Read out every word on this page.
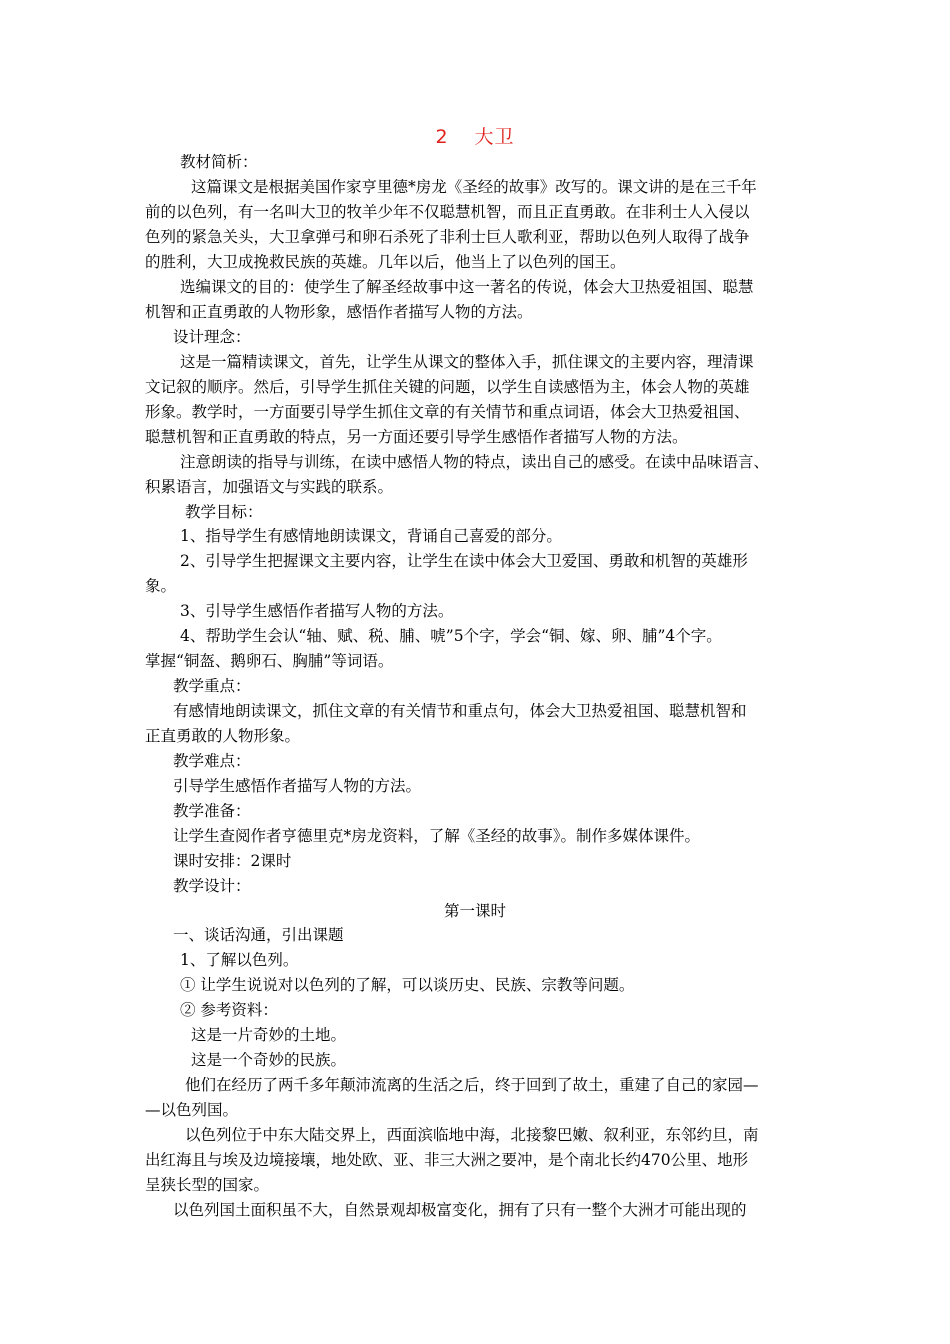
2 大卫
教材简析：
这篇课文是根据美国作家亨里德*房龙《圣经的故事》改写的。课文讲的是在三千年
前的以色列，有一名叫大卫的牧羊少年不仅聪慧机智，而且正直勇敢。在非利士人入侵以
色列的紧急关头，大卫拿弹弓和卵石杀死了非利士巨人歌利亚，帮助以色列人取得了战争
的胜利，大卫成挽救民族的英雄。几年以后，他当上了以色列的国王。
选编课文的目的：使学生了解圣经故事中这一著名的传说，体会大卫热爱祖国、聪慧
机智和正直勇敢的人物形象，感悟作者描写人物的方法。
设计理念：
这是一篇精读课文，首先，让学生从课文的整体入手，抓住课文的主要内容，理清课
文记叙的顺序。然后，引导学生抓住关键的问题，以学生自读感悟为主，体会人物的英雄
形象。教学时，一方面要引导学生抓住文章的有关情节和重点词语，体会大卫热爱祖国、
聪慧机智和正直勇敢的特点，另一方面还要引导学生感悟作者描写人物的方法。
注意朗读的指导与训练，在读中感悟人物的特点，读出自己的感受。在读中品味语言、
积累语言，加强语文与实践的联系。
教学目标：
1、指导学生有感情地朗读课文，背诵自己喜爱的部分。
2、引导学生把握课文主要内容，让学生在读中体会大卫爱国、勇敢和机智的英雄形
象。
3、引导学生感悟作者描写人物的方法。
4、帮助学生会认“轴、赋、税、脯、唬”5个字，学会“铜、嫁、卵、脯”4个字。
掌握“铜盔、鹅卵石、胸脯”等词语。
教学重点：
有感情地朗读课文，抓住文章的有关情节和重点句，体会大卫热爱祖国、聪慧机智和
正直勇敢的人物形象。
教学难点：
引导学生感悟作者描写人物的方法。
教学准备：
让学生查阅作者亨德里克*房龙资料，了解《圣经的故事》。制作多媒体课件。
课时安排：2课时
教学设计：
第一课时
一、谈话沟通，引出课题
1、了解以色列。
① 让学生说说对以色列的了解，可以谈历史、民族、宗教等问题。
② 参考资料：
这是一片奇妙的土地。
这是一个奇妙的民族。
他们在经历了两千多年颠沛流离的生活之后，终于回到了故土，重建了自己的家园—
—以色列国。
以色列位于中东大陆交界上，西面滨临地中海，北接黎巴嫩、叙利亚，东邻约旦，南
出红海且与埃及边境接壤，地处欧、亚、非三大洲之要冲，是个南北长约470公里、地形
呈狭长型的国家。
以色列国土面积虽不大，自然景观却极富变化，拥有了只有一整个大洲才可能出现的
